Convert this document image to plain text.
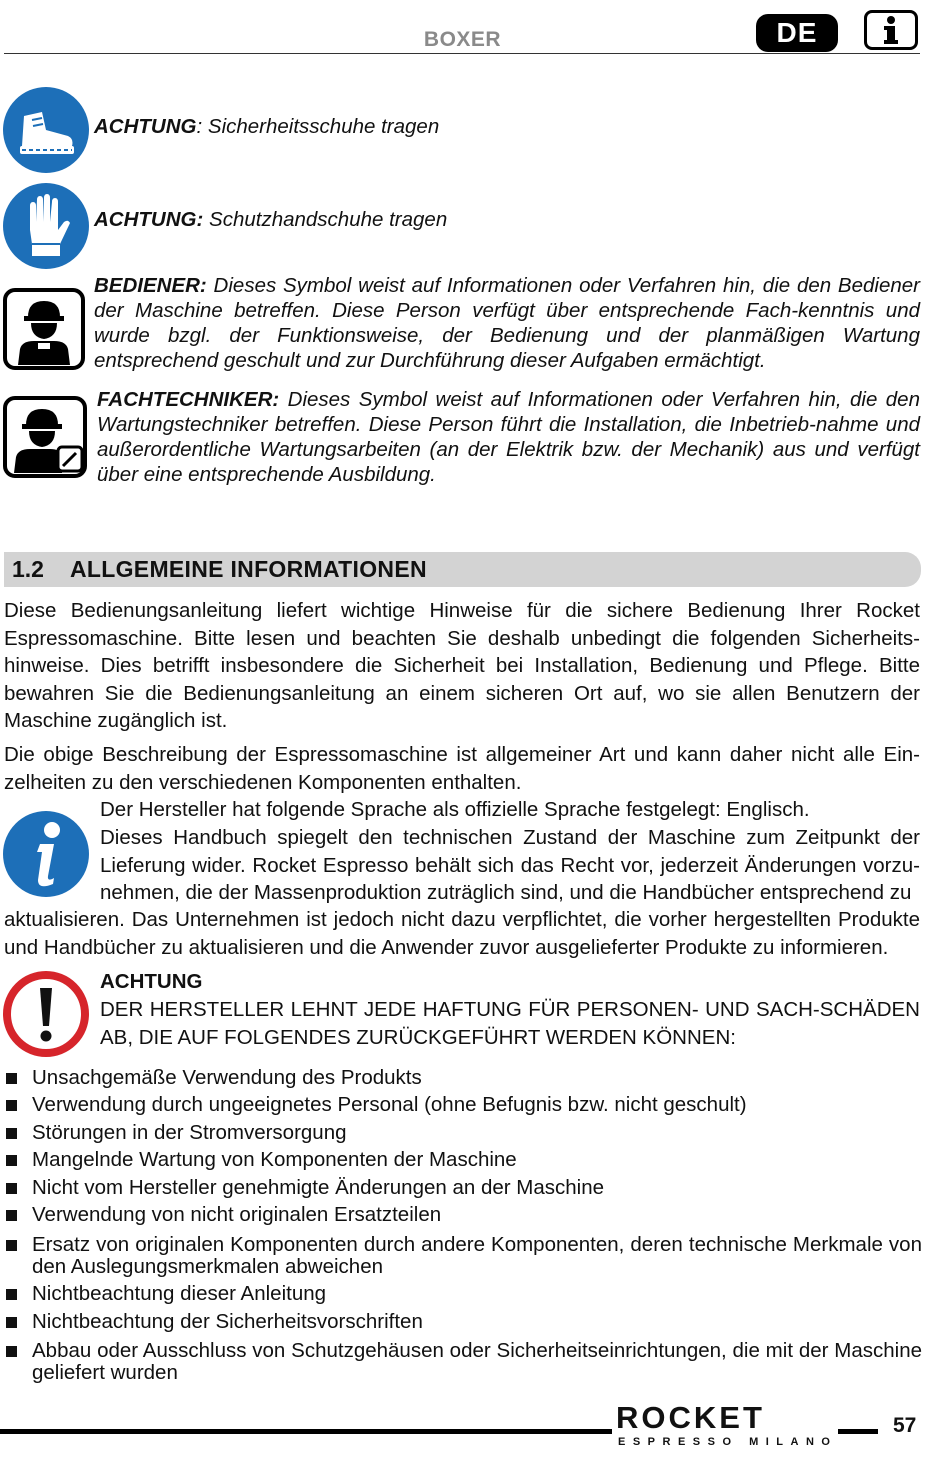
BOXER	DE
ACHTUNG: Sicherheitsschuhe tragen
ACHTUNG: Schutzhandschuhe tragen
BEDIENER: Dieses Symbol weist auf Informationen oder Verfahren hin, die den Bediener der Maschine betreffen. Diese Person verfügt über entsprechende Fach-kenntnis und wurde bzgl. der Funktionsweise, der Bedienung und der planmäßigen Wartung entsprechend geschult und zur Durchführung dieser Aufgaben ermächtigt.
FACHTECHNIKER: Dieses Symbol weist auf Informationen oder Verfahren hin, die den Wartungstechniker betreffen. Diese Person führt die Installation, die Inbetrieb-nahme und außerordentliche Wartungsarbeiten (an der Elektrik bzw. der Mechanik) aus und verfügt über eine entsprechende Ausbildung.
1.2 ALLGEMEINE INFORMATIONEN
Diese Bedienungsanleitung liefert wichtige Hinweise für die sichere Bedienung Ihrer Rocket Espressomaschine. Bitte lesen und beachten Sie deshalb unbedingt die folgenden Sicherheits-hinweise. Dies betrifft insbesondere die Sicherheit bei Installation, Bedienung und Pflege. Bitte bewahren Sie die Bedienungsanleitung an einem sicheren Ort auf, wo sie allen Benutzern der Maschine zugänglich ist.
Die obige Beschreibung der Espressomaschine ist allgemeiner Art und kann daher nicht alle Ein-zelheiten zu den verschiedenen Komponenten enthalten.
Der Hersteller hat folgende Sprache als offizielle Sprache festgelegt: Englisch.
Dieses Handbuch spiegelt den technischen Zustand der Maschine zum Zeitpunkt der Lieferung wider. Rocket Espresso behält sich das Recht vor, jederzeit Änderungen vorzu-nehmen, die der Massenproduktion zuträglich sind, und die Handbücher entsprechend zu
aktualisieren. Das Unternehmen ist jedoch nicht dazu verpflichtet, die vorher hergestellten Produkte und Handbücher zu aktualisieren und die Anwender zuvor ausgelieferter Produkte zu informieren.
ACHTUNG
DER HERSTELLER LEHNT JEDE HAFTUNG FÜR PERSONEN- UND SACH-SCHÄDEN AB, DIE AUF FOLGENDES ZURÜCKGEFÜHRT WERDEN KÖNNEN:
Unsachgemäße Verwendung des Produkts
Verwendung durch ungeeignetes Personal (ohne Befugnis bzw. nicht geschult)
Störungen in der Stromversorgung
Mangelnde Wartung von Komponenten der Maschine
Nicht vom Hersteller genehmigte Änderungen an der Maschine
Verwendung von nicht originalen Ersatzteilen
Ersatz von originalen Komponenten durch andere Komponenten, deren technische Merkmale von den Auslegungsmerkmalen abweichen
Nichtbeachtung dieser Anleitung
Nichtbeachtung der Sicherheitsvorschriften
Abbau oder Ausschluss von Schutzgehäusen oder Sicherheitseinrichtungen, die mit der Maschine geliefert wurden
ROCKET
ESPRESSO MILANO
57
